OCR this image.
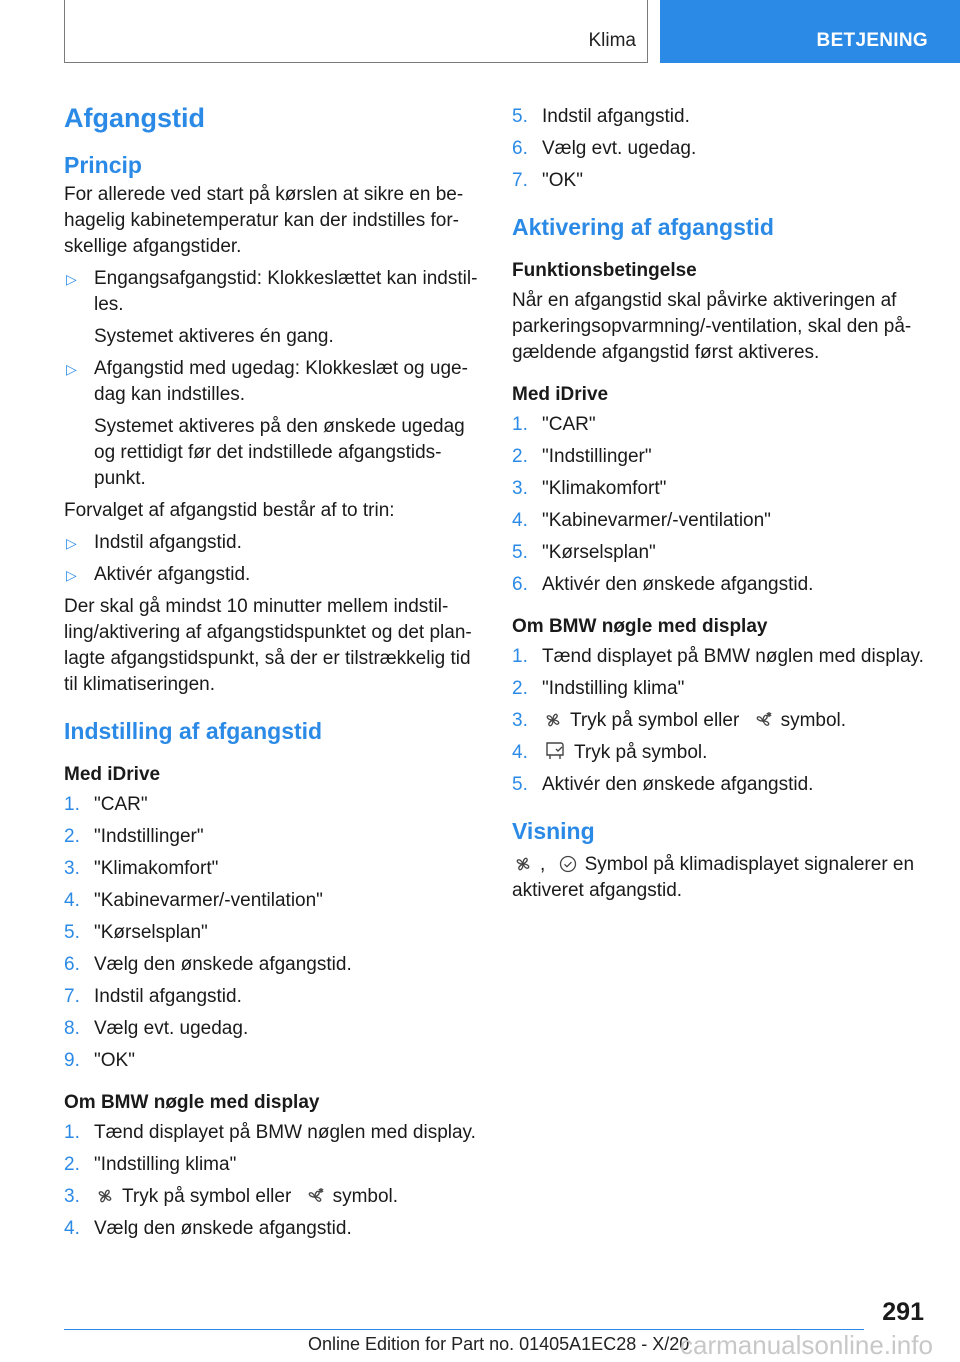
Klima	BETJENING
Afgangstid
Princip

For allerede ved start på kørslen at sikre en behagelig kabinetemperatur kan der indstilles forskellige afgangstider.

▷ Engangsafgangstid: Klokkeslættet kan indstilles.
Systemet aktiveres én gang.
▷ Afgangstid med ugedag: Klokkeslæt og ugedag kan indstilles.
Systemet aktiveres på den ønskede ugedag og rettidigt før det indstillede afgangstidspunkt.

Forvalget af afgangstid består af to trin:

▷ Indstil afgangstid.
▷ Aktivér afgangstid.

Der skal gå mindst 10 minutter mellem indstilling/aktivering af afgangstidspunktet og det planlagte afgangstidspunkt, så der er tilstrækkelig tid til klimatiseringen.

Indstilling af afgangstid
Med iDrive
1. "CAR"
2. "Indstillinger"
3. "Klimakomfort"
4. "Kabinevarmer/-ventilation"
5. "Kørselsplan"
6. Vælg den ønskede afgangstid.
7. Indstil afgangstid.
8. Vælg evt. ugedag.
9. "OK"
Om BMW nøgle med display
1. Tænd displayet på BMW nøglen med display.
2. "Indstilling klima"
3. Tryk på symbol eller symbol.
4. Vælg den ønskede afgangstid.
5. Indstil afgangstid.
6. Vælg evt. ugedag.
7. "OK"
Aktivering af afgangstid
Funktionsbetingelse

Når en afgangstid skal påvirke aktiveringen af parkeringsopvarmning/-ventilation, skal den pågældende afgangstid først aktiveres.

Med iDrive
1. "CAR"
2. "Indstillinger"
3. "Klimakomfort"
4. "Kabinevarmer/-ventilation"
5. "Kørselsplan"
6. Aktivér den ønskede afgangstid.
Om BMW nøgle med display
1. Tænd displayet på BMW nøglen med display.
2. "Indstilling klima"
3. Tryk på symbol eller symbol.
4. Tryk på symbol.
5. Aktivér den ønskede afgangstid.
Visning

, Symbol på klimadisplayet signalerer en aktiveret afgangstid.

291
Online Edition for Part no. 01405A1EC28 - X/20
carmanualsonline.info
